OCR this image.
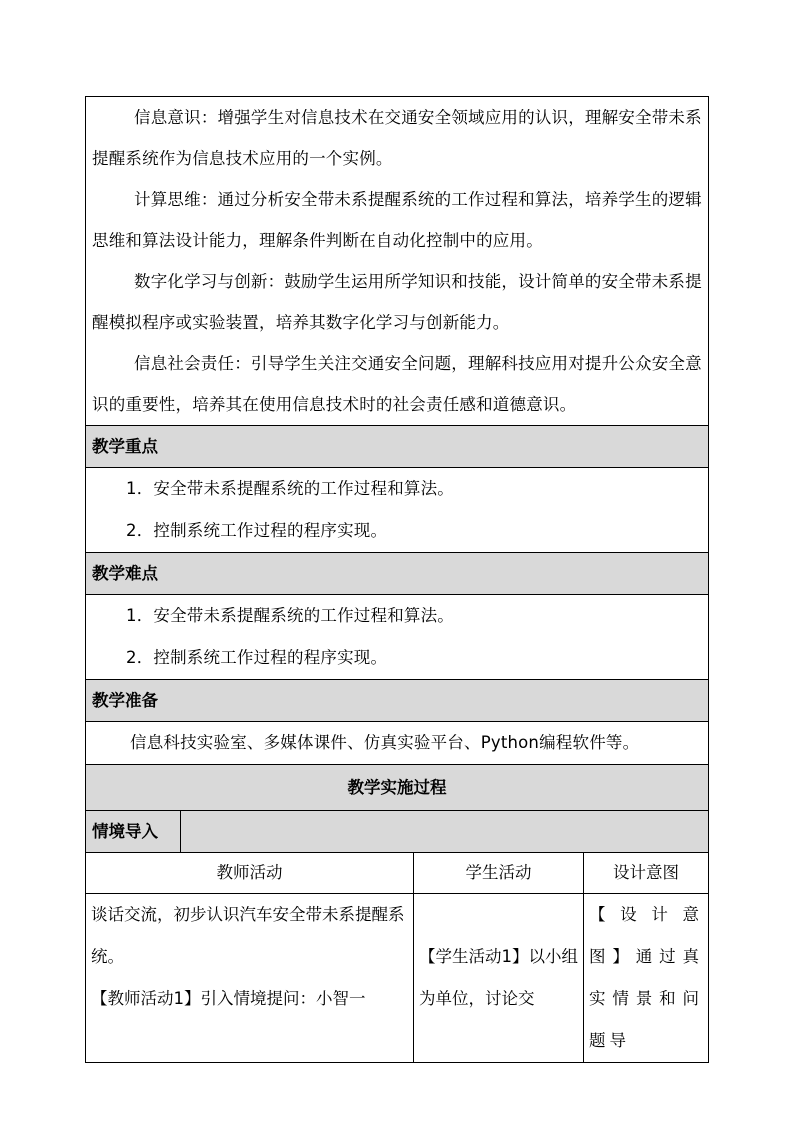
信息意识：增强学生对信息技术在交通安全领域应用的认识，理解安全带未系提醒系统作为信息技术应用的一个实例。

计算思维：通过分析安全带未系提醒系统的工作过程和算法，培养学生的逻辑思维和算法设计能力，理解条件判断在自动化控制中的应用。

数字化学习与创新：鼓励学生运用所学知识和技能，设计简单的安全带未系提醒模拟程序或实验装置，培养其数字化学习与创新能力。

信息社会责任：引导学生关注交通安全问题，理解科技应用对提升公众安全意识的重要性，培养其在使用信息技术时的社会责任感和道德意识。			

教学重点			

1．安全带未系提醒系统的工作过程和算法。
2．控制系统工作过程的程序实现。			

教学难点			

1．安全带未系提醒系统的工作过程和算法。
2．控制系统工作过程的程序实现。			

教学准备			

信息科技实验室、多媒体课件、仿真实验平台、Python编程软件等。			

教学实施过程			
情境导入			
教师活动		学生活动	设计意图

谈话交流，初步认识汽车安全带未系提醒系统。
【教师活动1】引入情境提问：小智一		【学生活动1】以小组为单位，讨论交	【设计意图】通过真实情景和问题导
